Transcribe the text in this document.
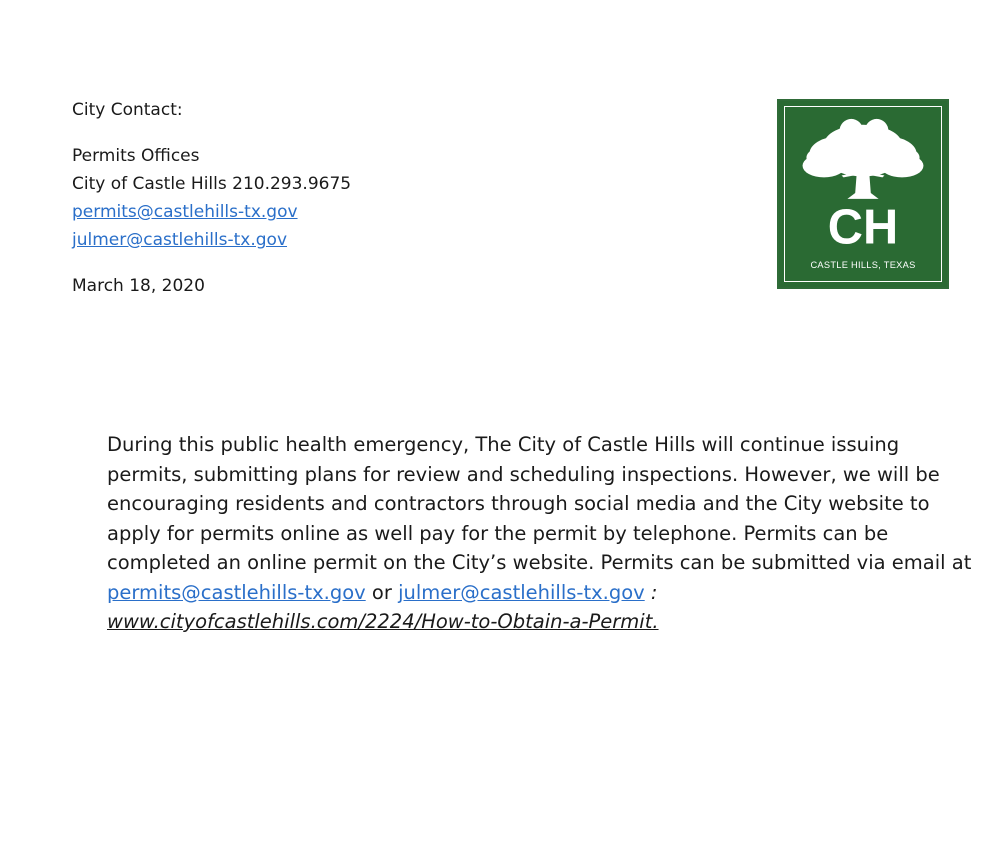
City Contact:

Permits Offices

City of Castle Hills 210.293.9675

permits@castlehills-tx.gov

julmer@castlehills-tx.gov

March 18, 2020

CH
CASTLE HILLS, TEXAS

During this public health emergency, The City of Castle Hills will continue issuing permits, submitting plans for review and scheduling inspections. However, we will be encouraging residents and contractors through social media and the City website to apply for permits online as well pay for the permit by telephone. Permits can be completed an online permit on the City’s website. Permits can be submitted via email at permits@castlehills-tx.gov or julmer@castlehills-tx.gov :
www.cityofcastlehills.com/2224/How-to-Obtain-a-Permit.
